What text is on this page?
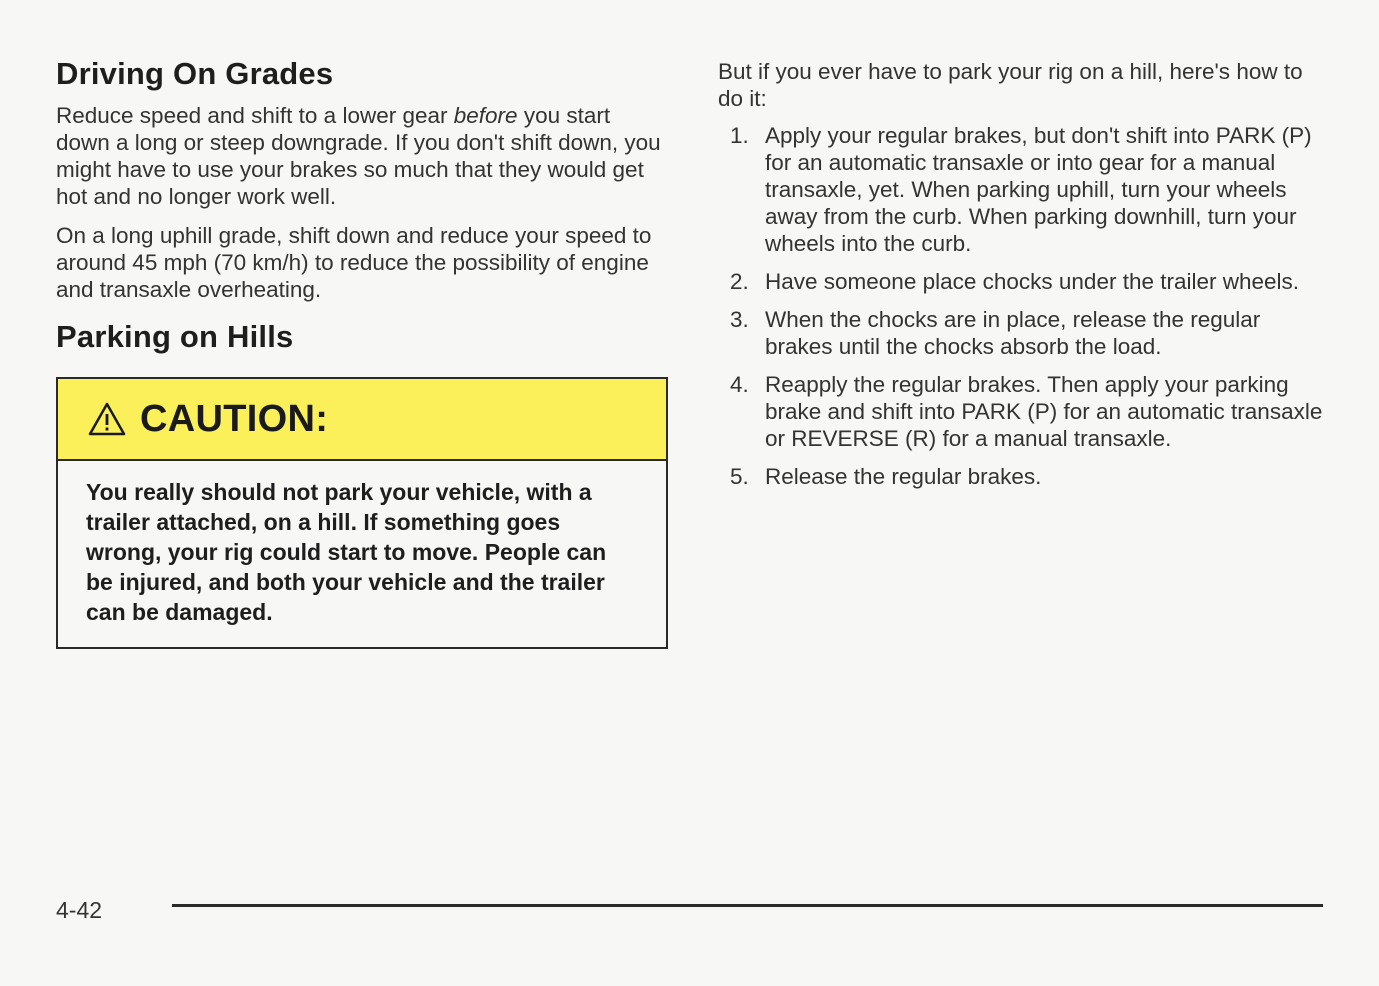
Driving On Grades

Reduce speed and shift to a lower gear before you start down a long or steep downgrade. If you don't shift down, you might have to use your brakes so much that they would get hot and no longer work well.

On a long uphill grade, shift down and reduce your speed to around 45 mph (70 km/h) to reduce the possibility of engine and transaxle overheating.

Parking on Hills
CAUTION:
You really should not park your vehicle, with a trailer attached, on a hill. If something goes wrong, your rig could start to move. People can be injured, and both your vehicle and the trailer can be damaged.

But if you ever have to park your rig on a hill, here's how to do it:

1. Apply your regular brakes, but don't shift into PARK (P) for an automatic transaxle or into gear for a manual transaxle, yet. When parking uphill, turn your wheels away from the curb. When parking downhill, turn your wheels into the curb.
2. Have someone place chocks under the trailer wheels.
3. When the chocks are in place, release the regular brakes until the chocks absorb the load.
4. Reapply the regular brakes. Then apply your parking brake and shift into PARK (P) for an automatic transaxle or REVERSE (R) for a manual transaxle.
5. Release the regular brakes.
4-42
